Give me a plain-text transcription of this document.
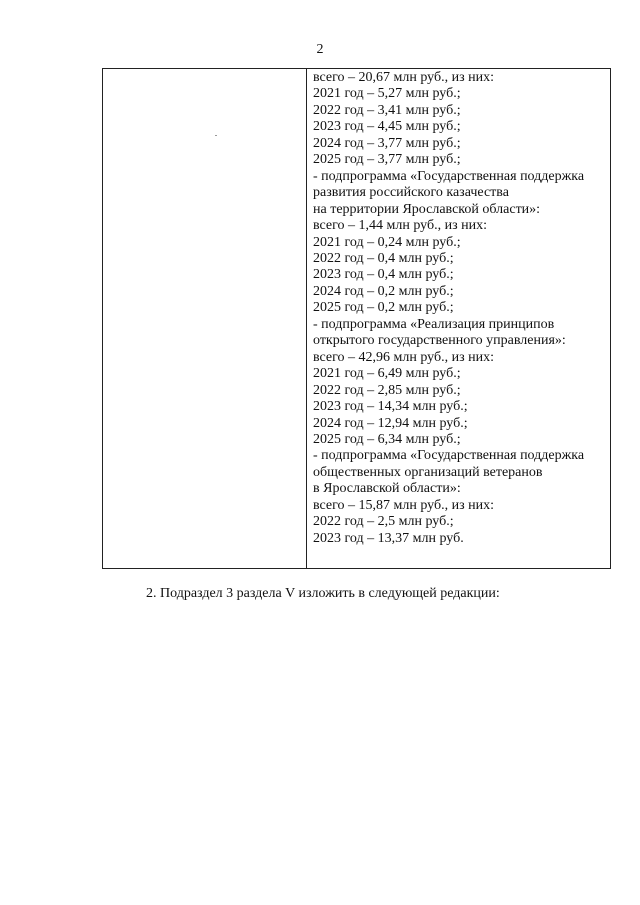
2
всего – 20,67 млн руб., из них:
2021 год – 5,27 млн руб.;
2022 год – 3,41 млн руб.;
2023 год – 4,45 млн руб.;
2024 год – 3,77 млн руб.;
2025 год – 3,77 млн руб.;
- подпрограмма «Государственная поддержка
развития российского казачества
на территории Ярославской области»:
всего – 1,44 млн руб., из них:
2021 год – 0,24 млн руб.;
2022 год – 0,4 млн руб.;
2023 год – 0,4 млн руб.;
2024 год – 0,2 млн руб.;
2025 год – 0,2 млн руб.;
- подпрограмма «Реализация принципов
открытого государственного управления»:
всего – 42,96 млн руб., из них:
2021 год – 6,49 млн руб.;
2022 год – 2,85 млн руб.;
2023 год – 14,34 млн руб.;
2024 год – 12,94 млн руб.;
2025 год – 6,34 млн руб.;
- подпрограмма «Государственная поддержка
общественных организаций ветеранов
в Ярославской области»:
всего – 15,87 млн руб., из них:
2022 год – 2,5 млн руб.;
2023 год – 13,37 млн руб.
2. Подраздел 3 раздела V изложить в следующей редакции:
